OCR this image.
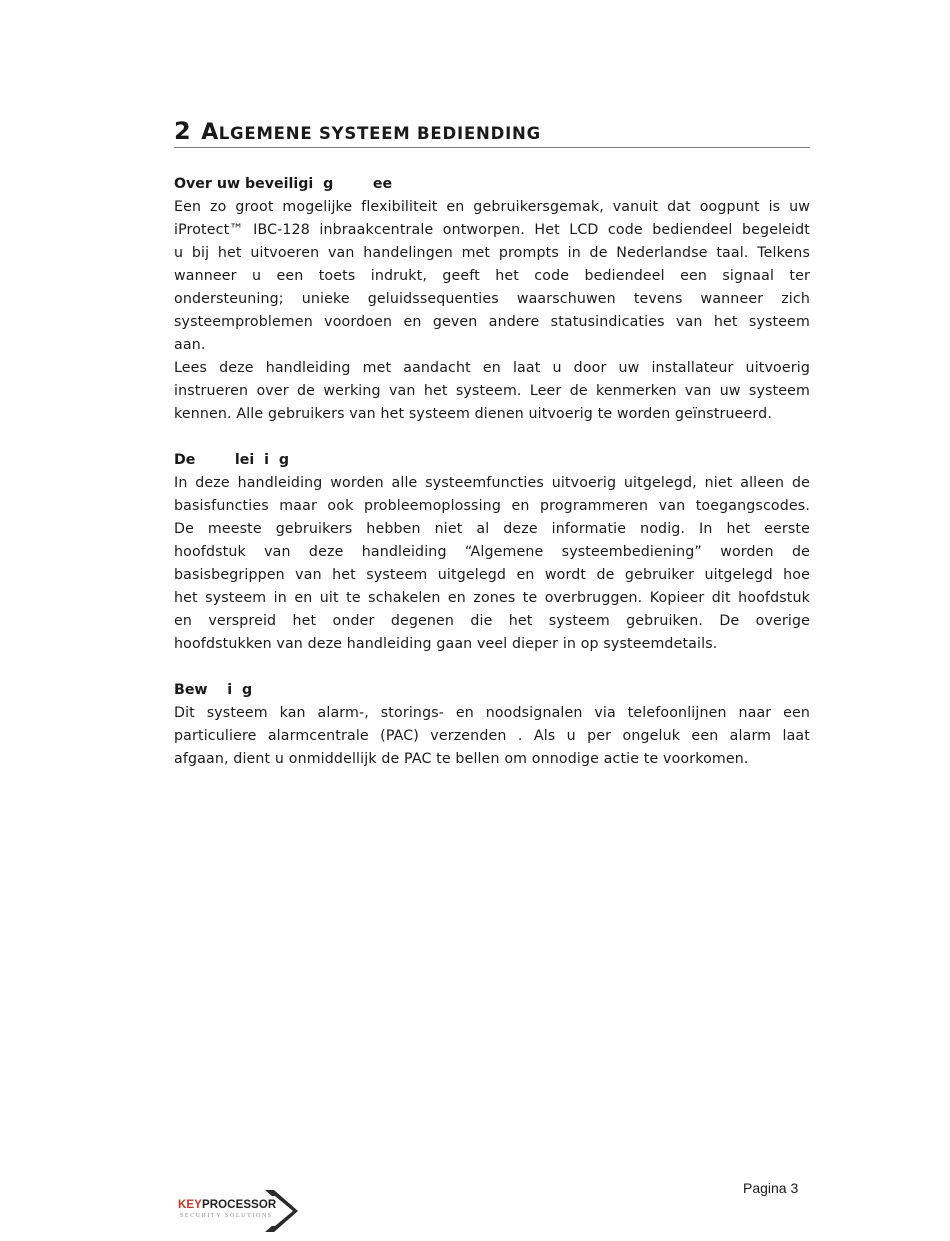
2 ALGEMENE SYSTEEM BEDIENDING
Over uw beveiligi  g        ee
Een zo groot mogelijke flexibiliteit en gebruikersgemak, vanuit dat oogpunt is uw
iProtect™ IBC-128 inbraakcentrale ontworpen. Het LCD code bediendeel begeleidt
u bij het uitvoeren van handelingen met prompts in de Nederlandse taal. Telkens
wanneer u een toets indrukt, geeft het code bediendeel een signaal ter
ondersteuning; unieke geluidssequenties waarschuwen tevens wanneer zich
systeemproblemen voordoen en geven andere statusindicaties van het systeem
aan.
Lees deze handleiding met aandacht en laat u door uw installateur uitvoerig
instrueren over de werking van het systeem. Leer de kenmerken van uw systeem
kennen. Alle gebruikers van het systeem dienen uitvoerig te worden geïnstrueerd.
De        lei  i  g
In deze handleiding worden alle systeemfuncties uitvoerig uitgelegd, niet alleen de
basisfuncties maar ook probleemoplossing en programmeren van toegangscodes.
De meeste gebruikers hebben niet al deze informatie nodig. In het eerste
hoofdstuk van deze handleiding “Algemene systeembediening” worden de
basisbegrippen van het systeem uitgelegd en wordt de gebruiker uitgelegd hoe
het systeem in en uit te schakelen en zones te overbruggen. Kopieer dit hoofdstuk
en verspreid het onder degenen die het systeem gebruiken. De overige
hoofdstukken van deze handleiding gaan veel dieper in op systeemdetails.
Bew    i  g
Dit systeem kan alarm-, storings- en noodsignalen via telefoonlijnen naar een
particuliere alarmcentrale (PAC) verzenden . Als u per ongeluk een alarm laat
afgaan, dient u onmiddellijk de PAC te bellen om onnodige actie te voorkomen.
Pagina 3
KEYPROCESSOR
SECURITY SOLUTIONS
